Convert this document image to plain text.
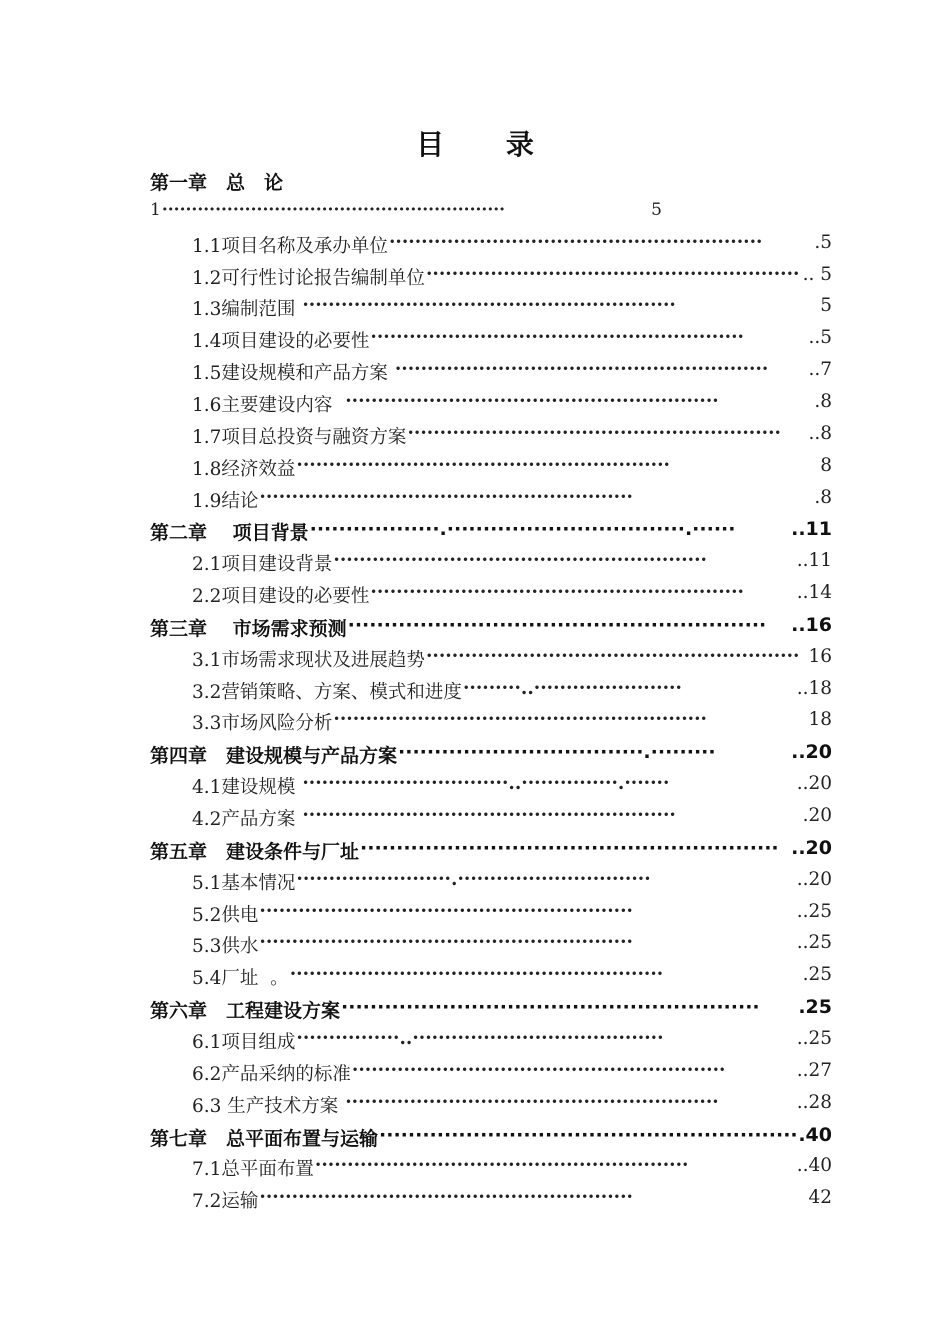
目 录
第一章　总　论
1	5
··························································
1.1项目名称及承办单位	.5
··························································
1.2可行性讨论报告编制单位	.. 5
··························································
1.3编制范围	5
··························································
1.4项目建设的必要性	..5
··························································
1.5建设规模和产品方案	..7
··························································
1.6主要建设内容	.8
··························································
1.7项目总投资与融资方案	..8
··························································
1.8经济效益	8
··························································
1.9结论	.8
··························································
第二章　 项目背景	..11
··················.·································.······
2.1项目建设背景	..11
··························································
2.2项目建设的必要性	..14
··························································
第三章　 市场需求预测	..16
··························································
3.1市场需求现状及进展趋势	16
··························································
3.2营销策略、方案、模式和进度	..18
·········..·······················
3.3市场风险分析	18
··························································
第四章　建设规模与产品方案	..20
··································.·········
4.1建设规模	..20
································..···············.·······
4.2产品方案	.20
··························································
第五章　建设条件与厂址	..20
··························································
5.1基本情况	..20
························.······························
5.2供电	..25
··························································
5.3供水	..25
··························································
5.4厂址  。	.25
··························································
第六章　工程建设方案	.25
··························································
6.1项目组成	..25
················..·······································
6.2产品采纳的标准	..27
··························································
6.3 生产技术方案	..28
··························································
第七章　总平面布置与运输	.40
··························································
7.1总平面布置	..40
··························································
7.2运输	42
··························································
